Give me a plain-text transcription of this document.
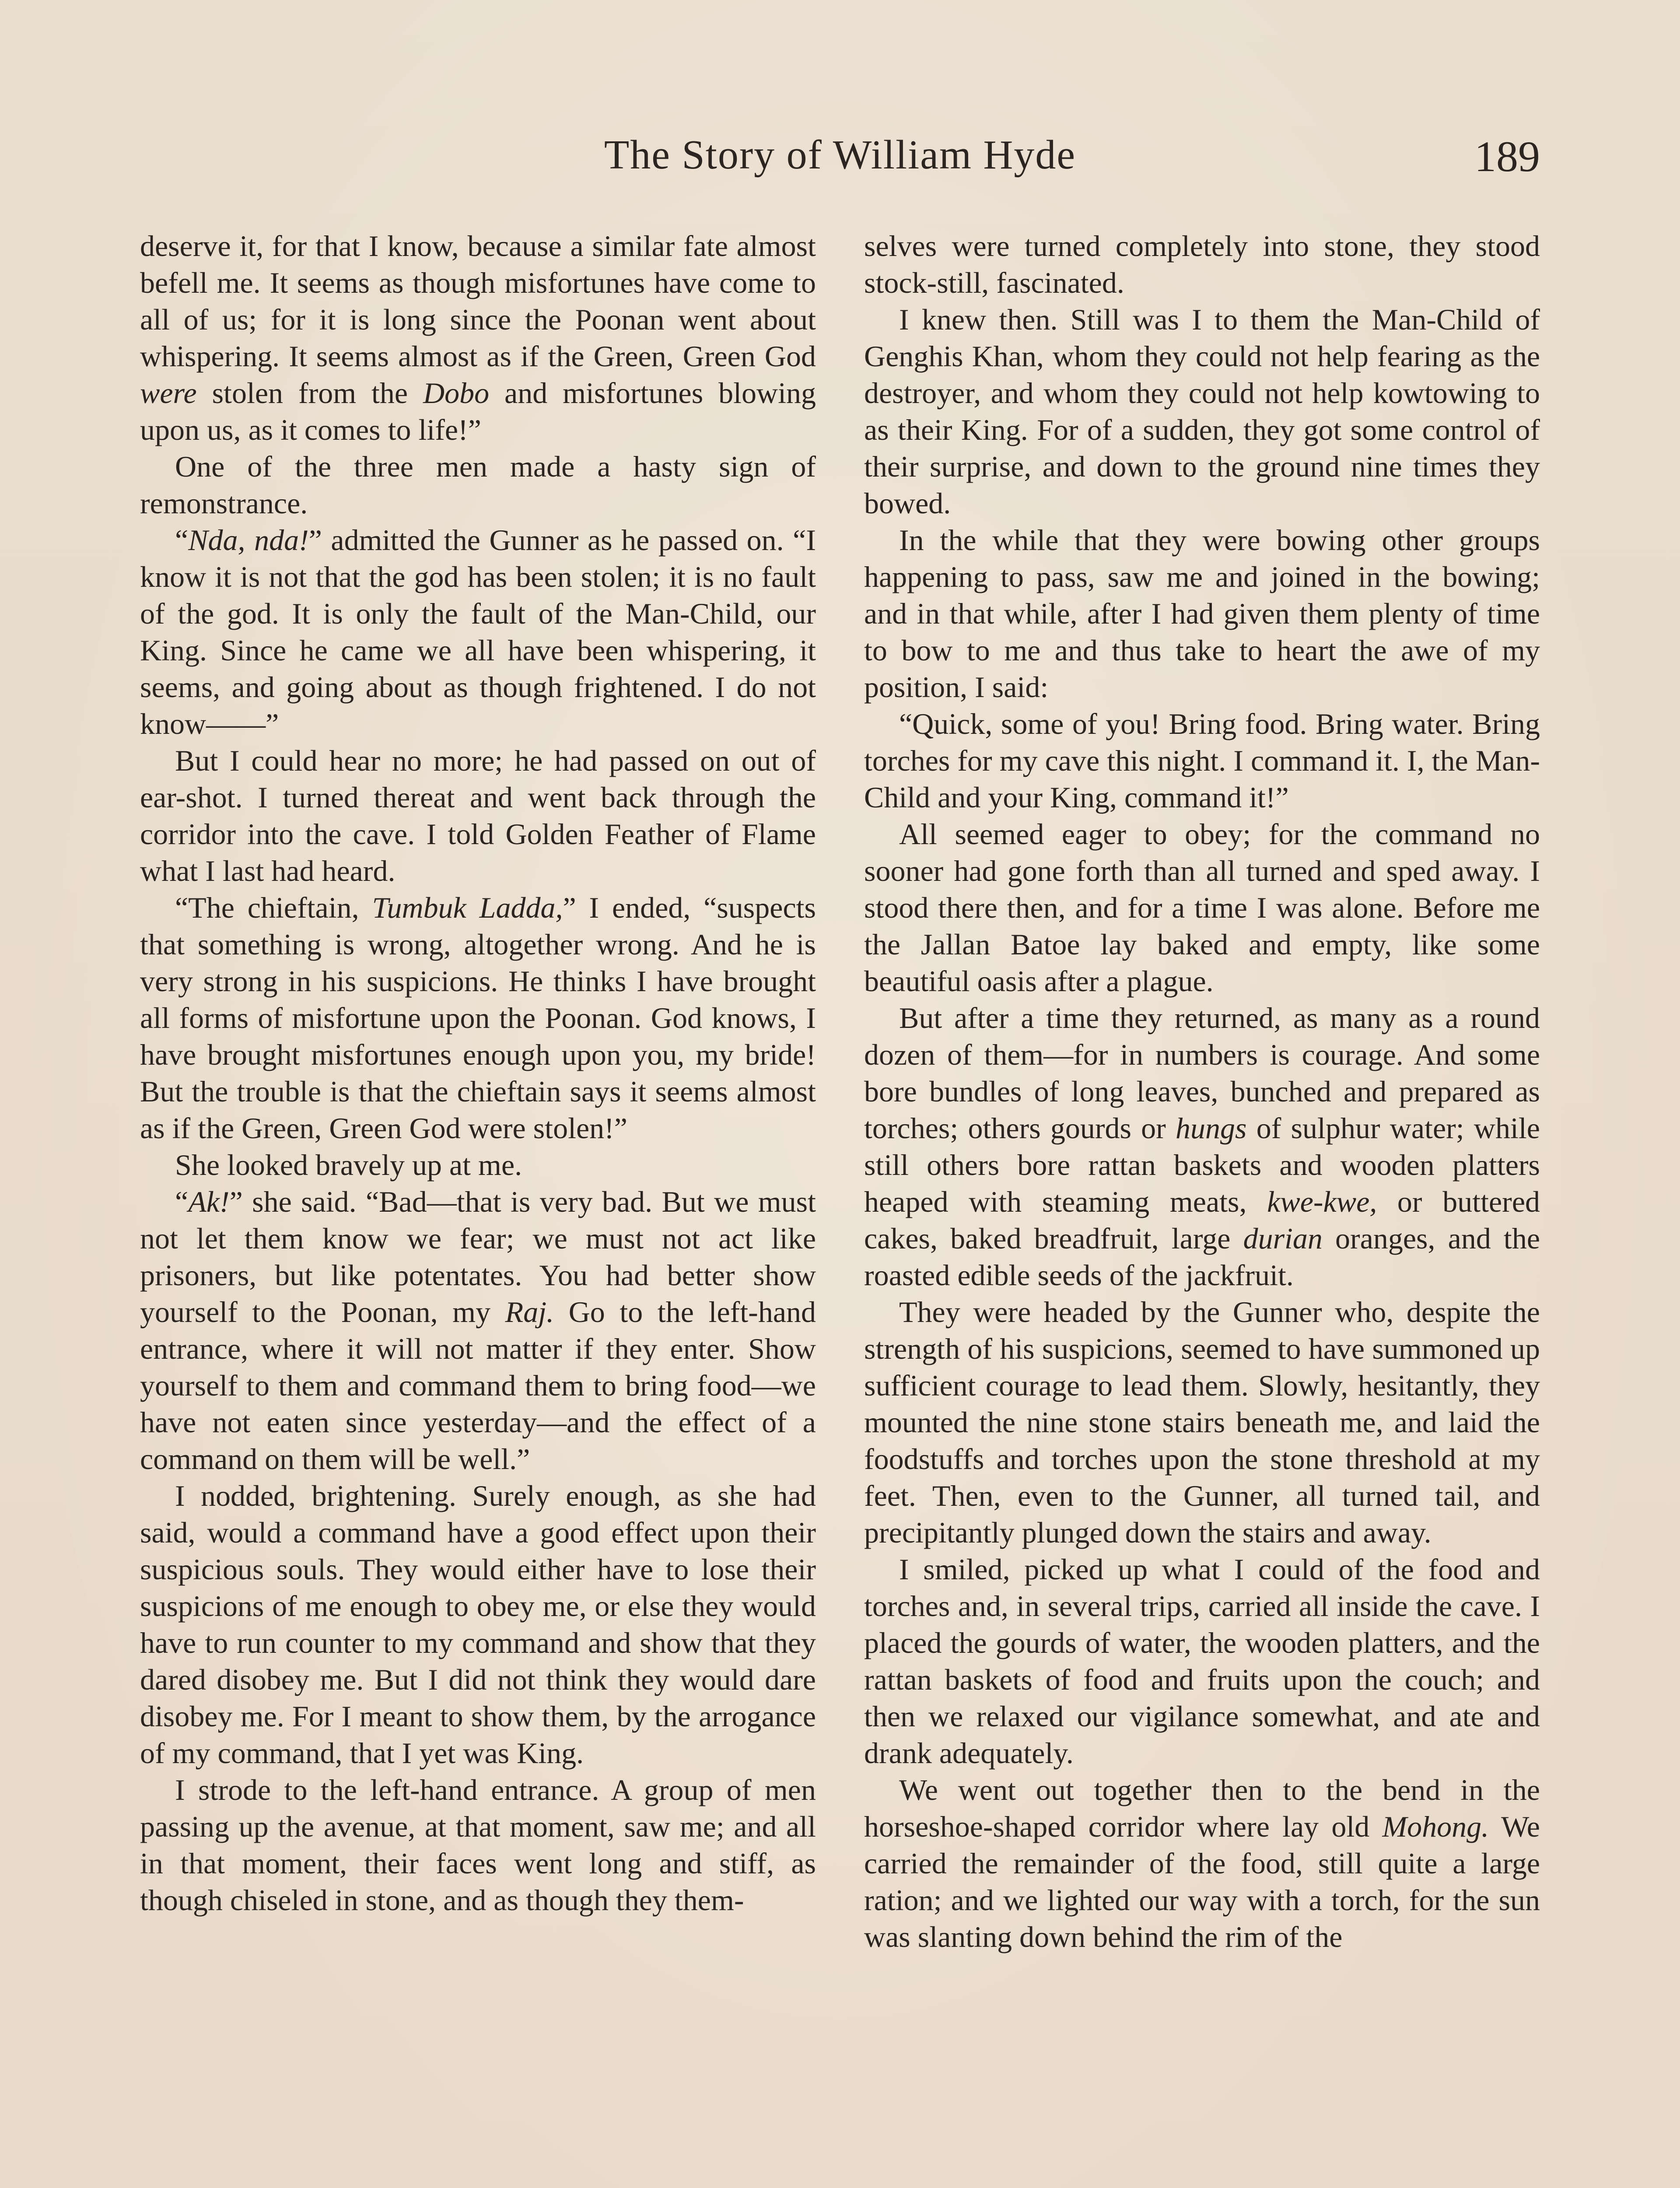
The Story of William Hyde	189

deserve it, for that I know, because a similar fate almost befell me. It seems as though misfortunes have come to all of us; for it is long since the Poonan went about whispering. It seems almost as if the Green, Green God were stolen from the Dobo and misfortunes blowing upon us, as it comes to life!”

One of the three men made a hasty sign of remonstrance.

“Nda, nda!” admitted the Gunner as he passed on. “I know it is not that the god has been stolen; it is no fault of the god. It is only the fault of the Man-Child, our King. Since he came we all have been whispering, it seems, and going about as though frightened. I do not know——”

But I could hear no more; he had passed on out of ear-shot. I turned thereat and went back through the corridor into the cave. I told Golden Feather of Flame what I last had heard.

“The chieftain, Tumbuk Ladda,” I ended, “suspects that something is wrong, altogether wrong. And he is very strong in his suspicions. He thinks I have brought all forms of misfortune upon the Poonan. God knows, I have brought misfortunes enough upon you, my bride! But the trouble is that the chieftain says it seems almost as if the Green, Green God were stolen!”

She looked bravely up at me.

“Ak!” she said. “Bad—that is very bad. But we must not let them know we fear; we must not act like prisoners, but like potentates. You had better show yourself to the Poonan, my Raj. Go to the left-hand entrance, where it will not matter if they enter. Show yourself to them and command them to bring food—we have not eaten since yesterday—and the effect of a command on them will be well.”

I nodded, brightening. Surely enough, as she had said, would a command have a good effect upon their suspicious souls. They would either have to lose their suspicions of me enough to obey me, or else they would have to run counter to my command and show that they dared disobey me. But I did not think they would dare disobey me. For I meant to show them, by the arrogance of my command, that I yet was King.

I strode to the left-hand entrance. A group of men passing up the avenue, at that moment, saw me; and all in that moment, their faces went long and stiff, as though chiseled in stone, and as though they them-

selves were turned completely into stone, they stood stock-still, fascinated.

I knew then. Still was I to them the Man-Child of Genghis Khan, whom they could not help fearing as the destroyer, and whom they could not help kowtowing to as their King. For of a sudden, they got some control of their surprise, and down to the ground nine times they bowed.

In the while that they were bowing other groups happening to pass, saw me and joined in the bowing; and in that while, after I had given them plenty of time to bow to me and thus take to heart the awe of my position, I said:

“Quick, some of you! Bring food. Bring water. Bring torches for my cave this night. I command it. I, the Man-Child and your King, command it!”

All seemed eager to obey; for the command no sooner had gone forth than all turned and sped away. I stood there then, and for a time I was alone. Before me the Jallan Batoe lay baked and empty, like some beautiful oasis after a plague.

But after a time they returned, as many as a round dozen of them—for in numbers is courage. And some bore bundles of long leaves, bunched and prepared as torches; others gourds or hungs of sulphur water; while still others bore rattan baskets and wooden platters heaped with steaming meats, kwe-kwe, or buttered cakes, baked breadfruit, large durian oranges, and the roasted edible seeds of the jackfruit.

They were headed by the Gunner who, despite the strength of his suspicions, seemed to have summoned up sufficient courage to lead them. Slowly, hesitantly, they mounted the nine stone stairs beneath me, and laid the foodstuffs and torches upon the stone threshold at my feet. Then, even to the Gunner, all turned tail, and precipitantly plunged down the stairs and away.

I smiled, picked up what I could of the food and torches and, in several trips, carried all inside the cave. I placed the gourds of water, the wooden platters, and the rattan baskets of food and fruits upon the couch; and then we relaxed our vigilance somewhat, and ate and drank adequately.

We went out together then to the bend in the horseshoe-shaped corridor where lay old Mohong. We carried the remainder of the food, still quite a large ration; and we lighted our way with a torch, for the sun was slanting down behind the rim of the
